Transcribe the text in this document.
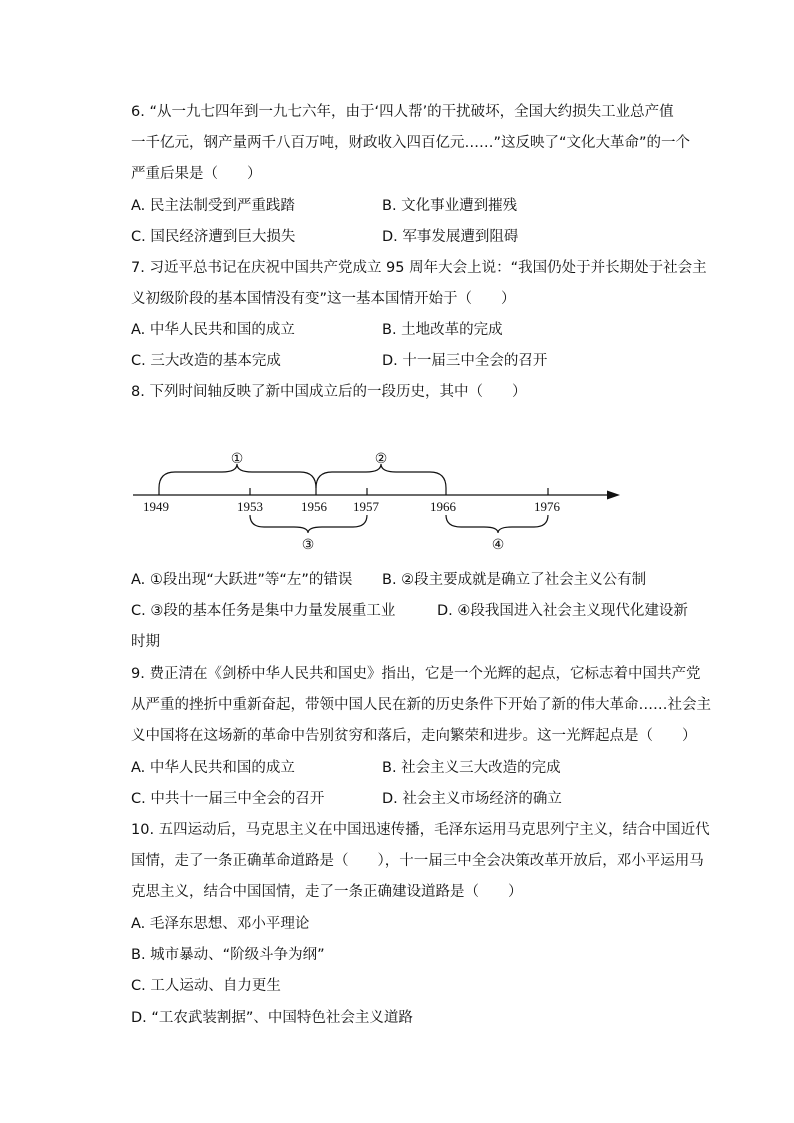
6. “从一九七四年到一九七六年，由于‘四人帮’的干扰破坏，全国大约损失工业总产值
一千亿元，钢产量两千八百万吨，财政收入四百亿元……”这反映了“文化大革命”的一个
严重后果是（　　）
A. 民主法制受到严重践踏	B. 文化事业遭到摧残
C. 国民经济遭到巨大损失	D. 军事发展遭到阻碍
7. 习近平总书记在庆祝中国共产党成立 95 周年大会上说：“我国仍处于并长期处于社会主
义初级阶段的基本国情没有变”这一基本国情开始于（　　）
A. 中华人民共和国的成立	B. 土地改革的完成
C. 三大改造的基本完成	D. 十一届三中全会的召开
8. 下列时间轴反映了新中国成立后的一段历史，其中（　　）
1949	1953	1956 1957	1966	1976
①	②
③	④
A. ①段出现“大跃进”等“左”的错误 B. ②段主要成就是确立了社会主义公有制
C. ③段的基本任务是集中力量发展重工业	D. ④段我国进入社会主义现代化建设新
时期
9. 费正清在《剑桥中华人民共和国史》指出，它是一个光辉的起点，它标志着中国共产党
从严重的挫折中重新奋起，带领中国人民在新的历史条件下开始了新的伟大革命……社会主
义中国将在这场新的革命中告别贫穷和落后，走向繁荣和进步。这一光辉起点是（　　）
A. 中华人民共和国的成立	B. 社会主义三大改造的完成
C. 中共十一届三中全会的召开	D. 社会主义市场经济的确立
10. 五四运动后，马克思主义在中国迅速传播，毛泽东运用马克思列宁主义，结合中国近代
国情，走了一条正确革命道路是（　　），十一届三中全会决策改革开放后，邓小平运用马
克思主义，结合中国国情，走了一条正确建设道路是（　　）
A. 毛泽东思想、邓小平理论
B. 城市暴动、“阶级斗争为纲”
C. 工人运动、自力更生
D. “工农武装割据”、中国特色社会主义道路
